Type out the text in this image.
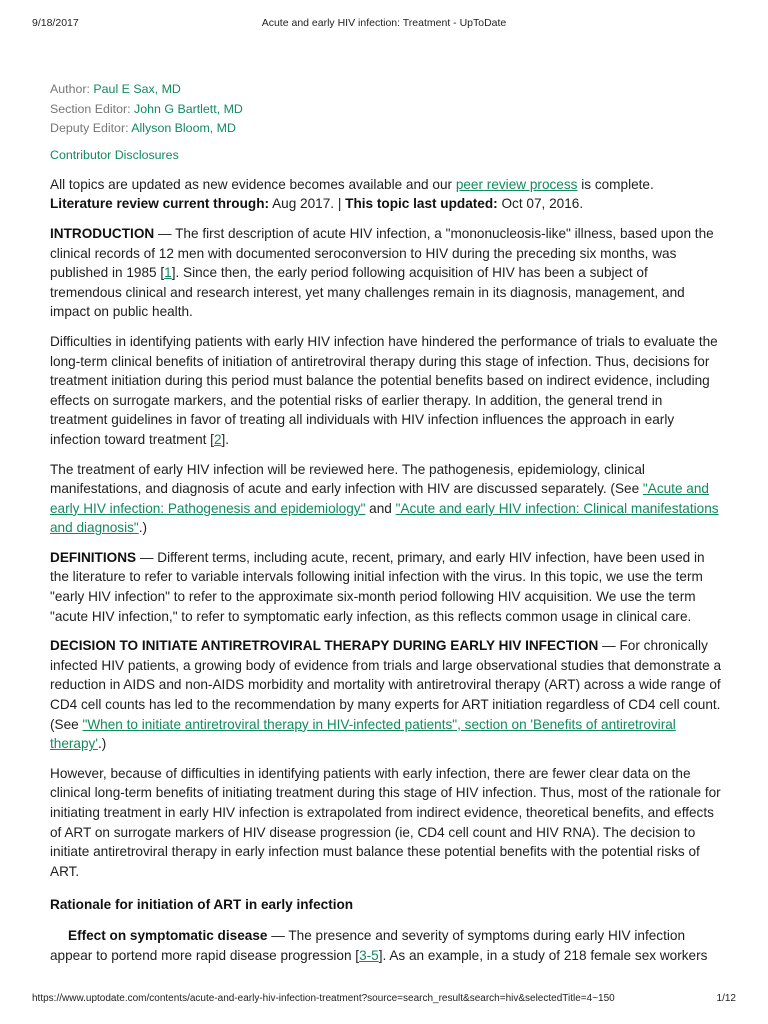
9/18/2017	Acute and early HIV infection: Treatment - UpToDate
Author: Paul E Sax, MD
Section Editor: John G Bartlett, MD
Deputy Editor: Allyson Bloom, MD
Contributor Disclosures

All topics are updated as new evidence becomes available and our peer review process is complete.
Literature review current through: Aug 2017. | This topic last updated: Oct 07, 2016.

INTRODUCTION — The first description of acute HIV infection, a "mononucleosis-like" illness, based upon the clinical records of 12 men with documented seroconversion to HIV during the preceding six months, was published in 1985 [1]. Since then, the early period following acquisition of HIV has been a subject of tremendous clinical and research interest, yet many challenges remain in its diagnosis, management, and impact on public health.

Difficulties in identifying patients with early HIV infection have hindered the performance of trials to evaluate the long-term clinical benefits of initiation of antiretroviral therapy during this stage of infection. Thus, decisions for treatment initiation during this period must balance the potential benefits based on indirect evidence, including effects on surrogate markers, and the potential risks of earlier therapy. In addition, the general trend in treatment guidelines in favor of treating all individuals with HIV infection influences the approach in early infection toward treatment [2].

The treatment of early HIV infection will be reviewed here. The pathogenesis, epidemiology, clinical manifestations, and diagnosis of acute and early infection with HIV are discussed separately. (See "Acute and early HIV infection: Pathogenesis and epidemiology" and "Acute and early HIV infection: Clinical manifestations and diagnosis".)

DEFINITIONS — Different terms, including acute, recent, primary, and early HIV infection, have been used in the literature to refer to variable intervals following initial infection with the virus. In this topic, we use the term "early HIV infection" to refer to the approximate six-month period following HIV acquisition. We use the term "acute HIV infection," to refer to symptomatic early infection, as this reflects common usage in clinical care.

DECISION TO INITIATE ANTIRETROVIRAL THERAPY DURING EARLY HIV INFECTION — For chronically infected HIV patients, a growing body of evidence from trials and large observational studies that demonstrate a reduction in AIDS and non-AIDS morbidity and mortality with antiretroviral therapy (ART) across a wide range of CD4 cell counts has led to the recommendation by many experts for ART initiation regardless of CD4 cell count. (See "When to initiate antiretroviral therapy in HIV-infected patients", section on 'Benefits of antiretroviral therapy'.)

However, because of difficulties in identifying patients with early infection, there are fewer clear data on the clinical long-term benefits of initiating treatment during this stage of HIV infection. Thus, most of the rationale for initiating treatment in early HIV infection is extrapolated from indirect evidence, theoretical benefits, and effects of ART on surrogate markers of HIV disease progression (ie, CD4 cell count and HIV RNA). The decision to initiate antiretroviral therapy in early infection must balance these potential benefits with the potential risks of ART.

Rationale for initiation of ART in early infection

Effect on symptomatic disease — The presence and severity of symptoms during early HIV infection appear to portend more rapid disease progression [3-5]. As an example, in a study of 218 female sex workers

https://www.uptodate.com/contents/acute-and-early-hiv-infection-treatment?source=search_result&search=hiv&selectedTitle=4~150	1/12
